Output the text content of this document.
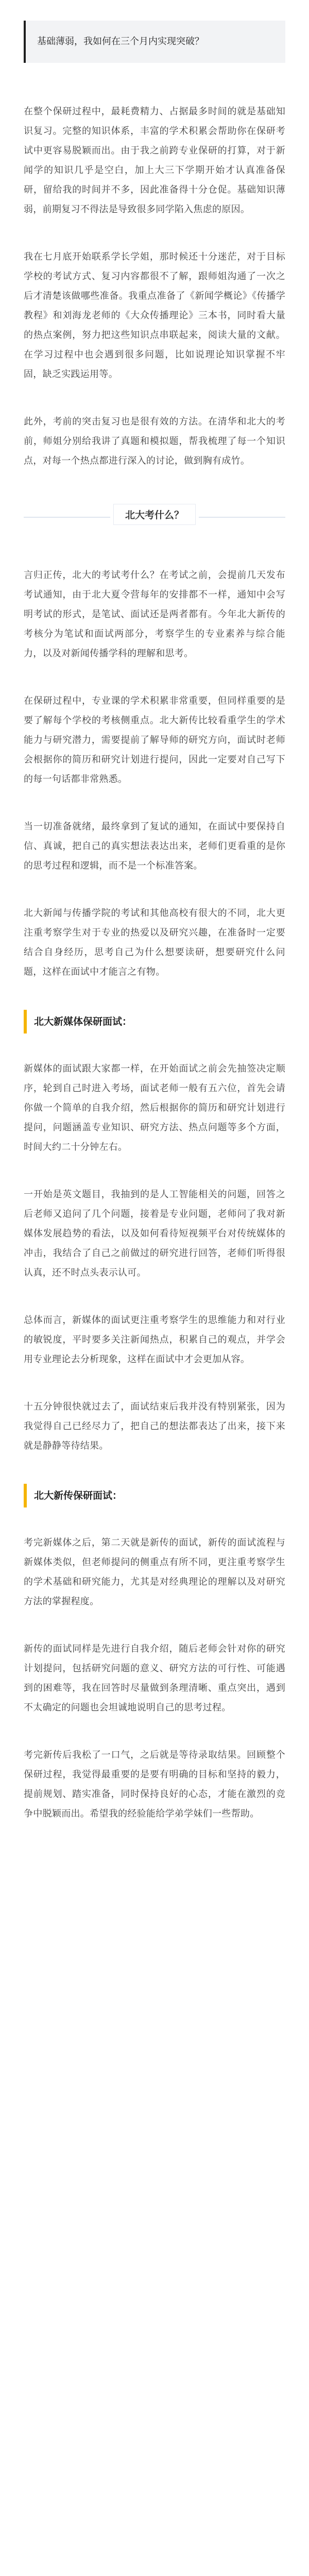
基础薄弱，我如何在三个月内实现突破？

在整个保研过程中，最耗费精力、占据最多时间的就是基础知识复习。完整的知识体系，丰富的学术积累会帮助你在保研考试中更容易脱颖而出。由于我之前跨专业保研的打算，对于新闻学的知识几乎是空白，加上大三下学期开始才认真准备保研，留给我的时间并不多，因此准备得十分仓促。基础知识薄弱，前期复习不得法是导致很多同学陷入焦虑的原因。

我在七月底开始联系学长学姐，那时候还十分迷茫，对于目标学校的考试方式、复习内容都很不了解，跟师姐沟通了一次之后才清楚该做哪些准备。我重点准备了《新闻学概论》《传播学教程》和刘海龙老师的《大众传播理论》三本书，同时看大量的热点案例，努力把这些知识点串联起来，阅读大量的文献。在学习过程中也会遇到很多问题，比如说理论知识掌握不牢固，缺乏实践运用等。

此外，考前的突击复习也是很有效的方法。在清华和北大的考前，师姐分别给我讲了真题和模拟题，帮我梳理了每一个知识点，对每一个热点都进行深入的讨论，做到胸有成竹。

北大考什么？

言归正传，北大的考试考什么？在考试之前，会提前几天发布考试通知，由于北大夏令营每年的安排都不一样，通知中会写明考试的形式，是笔试、面试还是两者都有。今年北大新传的考核分为笔试和面试两部分，考察学生的专业素养与综合能力，以及对新闻传播学科的理解和思考。

在保研过程中，专业课的学术积累非常重要，但同样重要的是要了解每个学校的考核侧重点。北大新传比较看重学生的学术能力与研究潜力，需要提前了解导师的研究方向，面试时老师会根据你的简历和研究计划进行提问，因此一定要对自己写下的每一句话都非常熟悉。

当一切准备就绪，最终拿到了复试的通知，在面试中要保持自信、真诚，把自己的真实想法表达出来，老师们更看重的是你的思考过程和逻辑，而不是一个标准答案。

北大新闻与传播学院的考试和其他高校有很大的不同，北大更注重考察学生对于专业的热爱以及研究兴趣，在准备时一定要结合自身经历，思考自己为什么想要读研，想要研究什么问题，这样在面试中才能言之有物。

北大新媒体保研面试：

新媒体的面试跟大家都一样，在开始面试之前会先抽签决定顺序，轮到自己时进入考场，面试老师一般有五六位，首先会请你做一个简单的自我介绍，然后根据你的简历和研究计划进行提问，问题涵盖专业知识、研究方法、热点问题等多个方面，时间大约二十分钟左右。

一开始是英文题目，我抽到的是人工智能相关的问题，回答之后老师又追问了几个问题，接着是专业问题，老师问了我对新媒体发展趋势的看法，以及如何看待短视频平台对传统媒体的冲击，我结合了自己之前做过的研究进行回答，老师们听得很认真，还不时点头表示认可。

总体而言，新媒体的面试更注重考察学生的思维能力和对行业的敏锐度，平时要多关注新闻热点，积累自己的观点，并学会用专业理论去分析现象，这样在面试中才会更加从容。

十五分钟很快就过去了，面试结束后我并没有特别紧张，因为我觉得自己已经尽力了，把自己的想法都表达了出来，接下来就是静静等待结果。

北大新传保研面试：

考完新媒体之后，第二天就是新传的面试，新传的面试流程与新媒体类似，但老师提问的侧重点有所不同，更注重考察学生的学术基础和研究能力，尤其是对经典理论的理解以及对研究方法的掌握程度。

新传的面试同样是先进行自我介绍，随后老师会针对你的研究计划提问，包括研究问题的意义、研究方法的可行性、可能遇到的困难等，我在回答时尽量做到条理清晰、重点突出，遇到不太确定的问题也会坦诚地说明自己的思考过程。

考完新传后我松了一口气，之后就是等待录取结果。回顾整个保研过程，我觉得最重要的是要有明确的目标和坚持的毅力，提前规划、踏实准备，同时保持良好的心态，才能在激烈的竞争中脱颖而出。希望我的经验能给学弟学妹们一些帮助。
